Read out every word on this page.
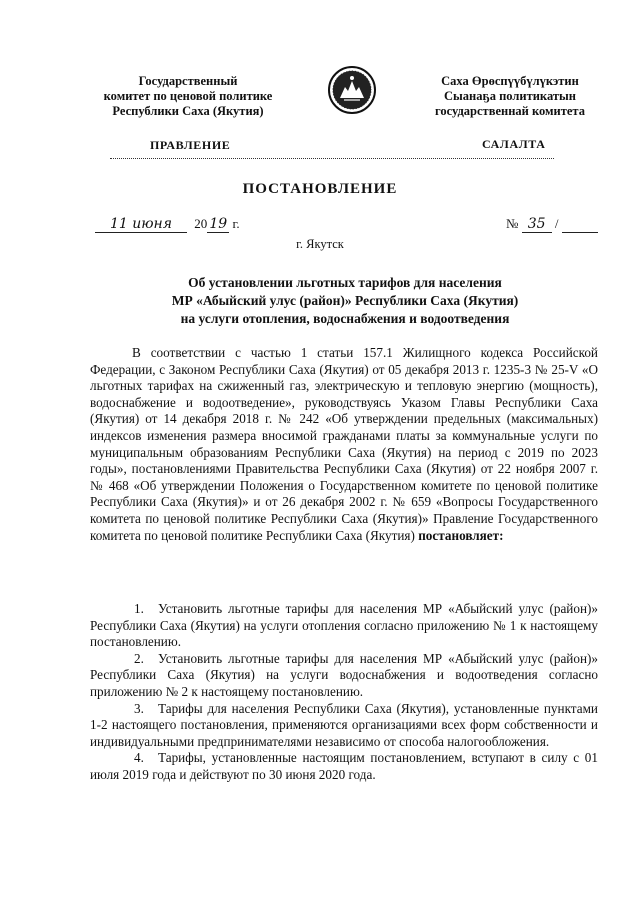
Государственный
комитет по ценовой политике
Республики Саха (Якутия)
ПРАВЛЕНИЕ
Саха Өрөспүүбүлүкэтин
Сыанаҕа политикатын
государственнай комитета
САЛАЛТА
ПОСТАНОВЛЕНИЕ
11 июня 20 19 г.	№ 35 /
г. Якутск
Об установлении льготных тарифов для населения
МР «Абыйский улус (район)» Республики Саха (Якутия)
на услуги отопления, водоснабжения и водоотведения
В соответствии с частью 1 статьи 157.1 Жилищного кодекса Российской Федерации, с Законом Республики Саха (Якутия) от 05 декабря 2013 г. 1235-3 № 25-V «О льготных тарифах на сжиженный газ, электрическую и тепловую энергию (мощность), водоснабжение и водоотведение», руководствуясь Указом Главы Республики Саха (Якутия) от 14 декабря 2018 г. № 242 «Об утверждении предельных (максимальных) индексов изменения размера вносимой гражданами платы за коммунальные услуги по муниципальным образованиям Республики Саха (Якутия) на период с 2019 по 2023 годы», постановлениями Правительства Республики Саха (Якутия) от 22 ноября 2007 г. № 468 «Об утверждении Положения о Государственном комитете по ценовой политике Республики Саха (Якутия)» и от 26 декабря 2002 г. № 659 «Вопросы Государственного комитета по ценовой политике Республики Саха (Якутия)» Правление Государственного комитета по ценовой политике Республики Саха (Якутия) постановляет:

1. Установить льготные тарифы для населения МР «Абыйский улус (район)» Республики Саха (Якутия) на услуги отопления согласно приложению № 1 к настоящему постановлению.

2. Установить льготные тарифы для населения МР «Абыйский улус (район)» Республики Саха (Якутия) на услуги водоснабжения и водоотведения согласно приложению № 2 к настоящему постановлению.

3. Тарифы для населения Республики Саха (Якутия), установленные пунктами 1-2 настоящего постановления, применяются организациями всех форм собственности и индивидуальными предпринимателями независимо от способа налогообложения.

4. Тарифы, установленные настоящим постановлением, вступают в силу с 01 июля 2019 года и действуют по 30 июня 2020 года.
